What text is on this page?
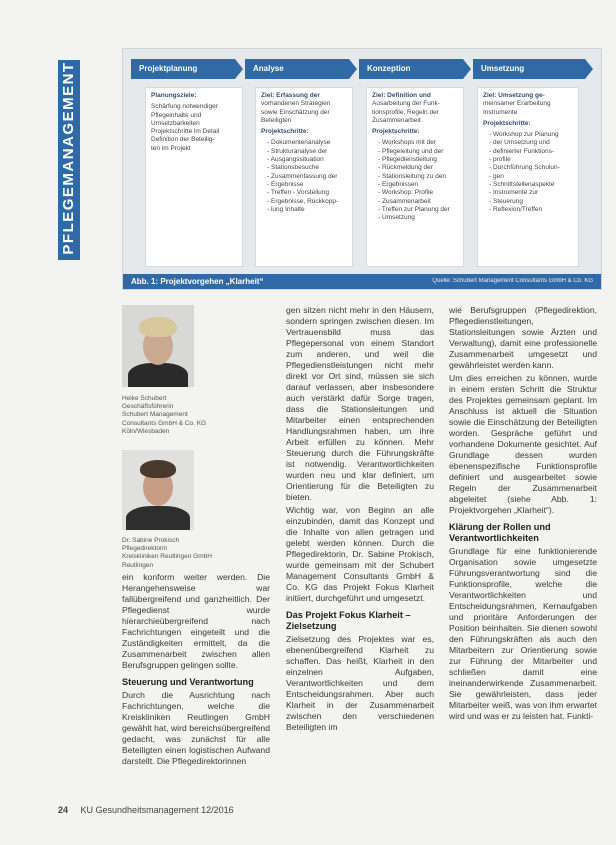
PFLEGEMANAGEMENT	Projektplanung	Analyse	Konzeption	Umsetzung

Planungsziele:

Schärfung notwendiger
Pflegeinhalte und
Umsetzbarkeiten
Projektschritte im Detail
Definition der Beteilig-
ten im Projekt

Ziel: Erfassung der
vorhandenen Strategien
sowie Einschätzung der
Beteiligten

Projektschritte:

- Dokumentenanalyse
- Strukturanalyse der
- Ausgangssituation
- Stationsbesuche
- Zusammenfassung der
- Ergebnisse
- Treffen - Vorstellung
- Ergebnisse, Rückkopp-
- lung Inhalte

Ziel: Definition und
Ausarbeitung der Funk-
tionsprofile, Regeln der
Zusammenarbeit

Projektschritte:

- Workshops mit der
- Pflegeleitung und der
- Pflegedienstleitung
- Rückmeldung der
- Stationsleitung zu den
- Ergebnissen
- Workshop: Profile
- Zusammenarbeit
- Treffen zur Planung der
- Umsetzung

Ziel: Umsetzung ge-
meinsamer Erarbeitung
Instrumente

Projektschritte:

- Workshop zur Planung
- der Umsetzung und
- definierter Funktions-
- profile
- Durchführung Schulun-
- gen
- Schnittstellenaspekte
- Instrumente zur
- Steuerung
- Reflexion/Treffen
Abb. 1: Projektvorgehen „Klarheit“	Quelle: Schubert Management Consultants GmbH & Co. KG
Heike Schubert
Geschäftsführerin
Schubert Management
Consultants GmbH & Co. KG
Köln/Wiesbaden
Dr. Sabine Prokisch
Pflegedirektorin
Kreiskliniken Reutlingen GmbH
Reutlingen

ein konform weiter werden. Die Herangehensweise war fallübergreifend und ganzheitlich. Der Pflegedienst wurde hierarchieübergreifend nach Fachrichtungen eingeteilt und die Zuständigkeiten ermittelt, da die Zusammenarbeit zwischen allen Berufsgruppen gelingen sollte.

Steuerung und Verantwortung

Durch die Ausrichtung nach Fachrichtungen, welche die Kreiskliniken Reutlingen GmbH gewählt hat, wird bereichsübergreifend gedacht, was zunächst für alle Beteiligten einen logistischen Aufwand darstellt. Die Pflegedirektorinnen

gen sitzen nicht mehr in den Häusern, sondern springen zwischen diesen. Im Vertrauensbild muss das Pflegepersonal von einem Standort zum anderen, und weil die Pflegedienstleistungen nicht mehr direkt vor Ort sind, müssen sie sich darauf verlassen, aber insbesondere auch verstärkt dafür Sorge tragen, dass die Stationsleitungen und Mitarbeiter einen entsprechenden Handlungsrahmen haben, um ihre Arbeit erfüllen zu können. Mehr Steuerung durch die Führungskräfte ist notwendig. Verantwortlichkeiten wurden neu und klar definiert, um Orientierung für die Beteiligten zu bieten.

Wichtig war, von Beginn an alle einzubinden, damit das Konzept und die Inhalte von allen getragen und gelebt werden können. Durch die Pflegedirektorin, Dr. Sabine Prokisch, wurde gemeinsam mit der Schubert Management Consultants GmbH & Co. KG das Projekt Fokus Klarheit initiiert, durchgeführt und umgesetzt.

Das Projekt Fokus Klarheit – Zielsetzung

Zielsetzung des Projektes war es, ebenenübergreifend Klarheit zu schaffen. Das heißt, Klarheit in den einzelnen Aufgaben, Verantwortlichkeiten und dem Entscheidungsrahmen. Aber auch Klarheit in der Zusammenarbeit zwischen den verschiedenen Beteiligten im

wie Berufsgruppen (Pflegedirektion, Pflegedienstleitungen, Stationsleitungen sowie Ärzten und Verwaltung), damit eine professionelle Zusammenarbeit umgesetzt und gewährleistet werden kann.

Um dies erreichen zu können, wurde in einem ersten Schritt die Struktur des Projektes gemeinsam geplant. Im Anschluss ist aktuell die Situation sowie die Einschätzung der Beteiligten worden. Gespräche geführt und vorhandene Dokumente gesichtet. Auf Grundlage dessen wurden ebenenspezifische Funktionsprofile definiert und ausgearbeitet sowie Regeln der Zusammenarbeit abgeleitet (siehe Abb. 1: Projektvorgehen „Klarheit“).

Klärung der Rollen und Verantwortlichkeiten

Grundlage für eine funktionierende Organisation sowie umgesetzte Führungsverantwortung sind die Funktionsprofile, welche die Verantwortlichkeiten und Entscheidungsrahmen, Kernaufgaben und prioritäre Anforderungen der Position beinhalten. Sie dienen sowohl den Führungskräften als auch den Mitarbeitern zur Orientierung sowie zur Führung der Mitarbeiter und schließen damit eine ineinanderwirkende Zusammenarbeit. Sie gewährleisten, dass jeder Mitarbeiter weiß, was von ihm erwartet wird und was er zu leisten hat. Funkti-

24 KU Gesundheitsmanagement 12/2016
